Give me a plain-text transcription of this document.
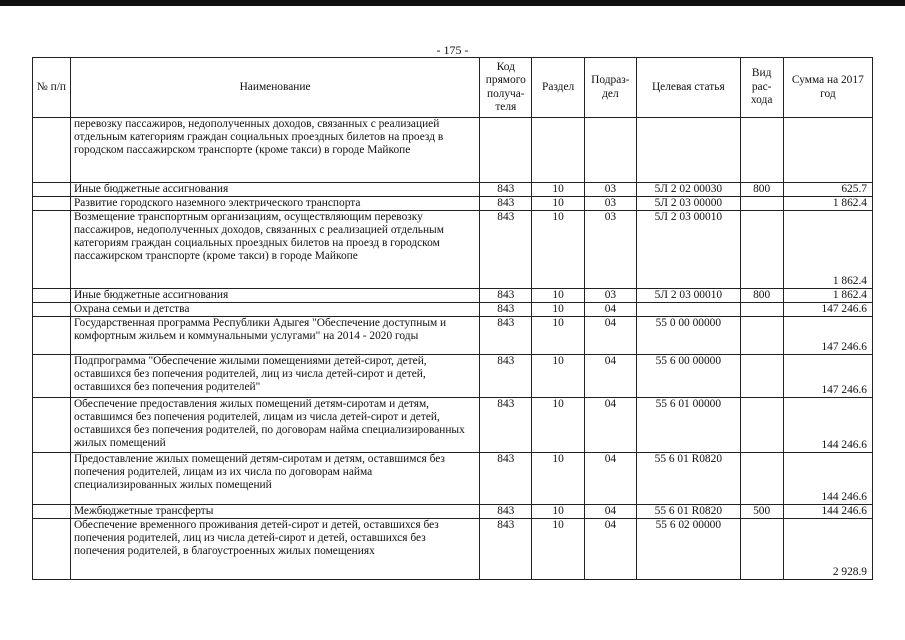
- 175 -
№ п/п	Наименование	Код прямого получа-теля	Раздел	Подраз-дел	Целевая статья	Вид рас-хода	Сумма на 2017 год
	перевозку пассажиров, недополученных доходов, связанных с реализацией отдельным категориям граждан социальных проездных билетов на проезд в городском пассажирском транспорте (кроме такси) в городе Майкопе						
	Иные бюджетные ассигнования	843	10	03	5Л 2 02 00030	800	625.7
	Развитие городского наземного электрического транспорта	843	10	03	5Л 2 03 00000		1 862.4
	Возмещение транспортным организациям, осуществляющим перевозку пассажиров, недополученных доходов, связанных с реализацией отдельным категориям граждан социальных проездных билетов на проезд в городском пассажирском транспорте (кроме такси) в городе Майкопе	843	10	03	5Л 2 03 00010		1 862.4
	Иные бюджетные ассигнования	843	10	03	5Л 2 03 00010	800	1 862.4
	Охрана семьи и детства	843	10	04			147 246.6
	Государственная программа Республики Адыгея "Обеспечение доступным и комфортным жильем и коммунальными услугами" на 2014 - 2020 годы	843	10	04	55 0 00 00000		147 246.6
	Подпрограмма "Обеспечение жилыми помещениями детей-сирот, детей, оставшихся без попечения родителей, лиц из числа детей-сирот и детей, оставшихся без попечения родителей"	843	10	04	55 6 00 00000		147 246.6
	Обеспечение предоставления жилых помещений детям-сиротам и детям, оставшимся без попечения родителей, лицам из числа детей-сирот и детей, оставшихся без попечения родителей, по договорам найма специализированных жилых помещений	843	10	04	55 6 01 00000		144 246.6
	Предоставление жилых помещений детям-сиротам и детям, оставшимся без попечения родителей, лицам из их числа по договорам найма специализированных жилых помещений	843	10	04	55 6 01 R0820		144 246.6
	Межбюджетные трансферты	843	10	04	55 6 01 R0820	500	144 246.6
	Обеспечение временного проживания детей-сирот и детей, оставшихся без попечения родителей, лиц из числа детей-сирот и детей, оставшихся без попечения родителей, в благоустроенных жилых помещениях	843	10	04	55 6 02 00000		2 928.9
